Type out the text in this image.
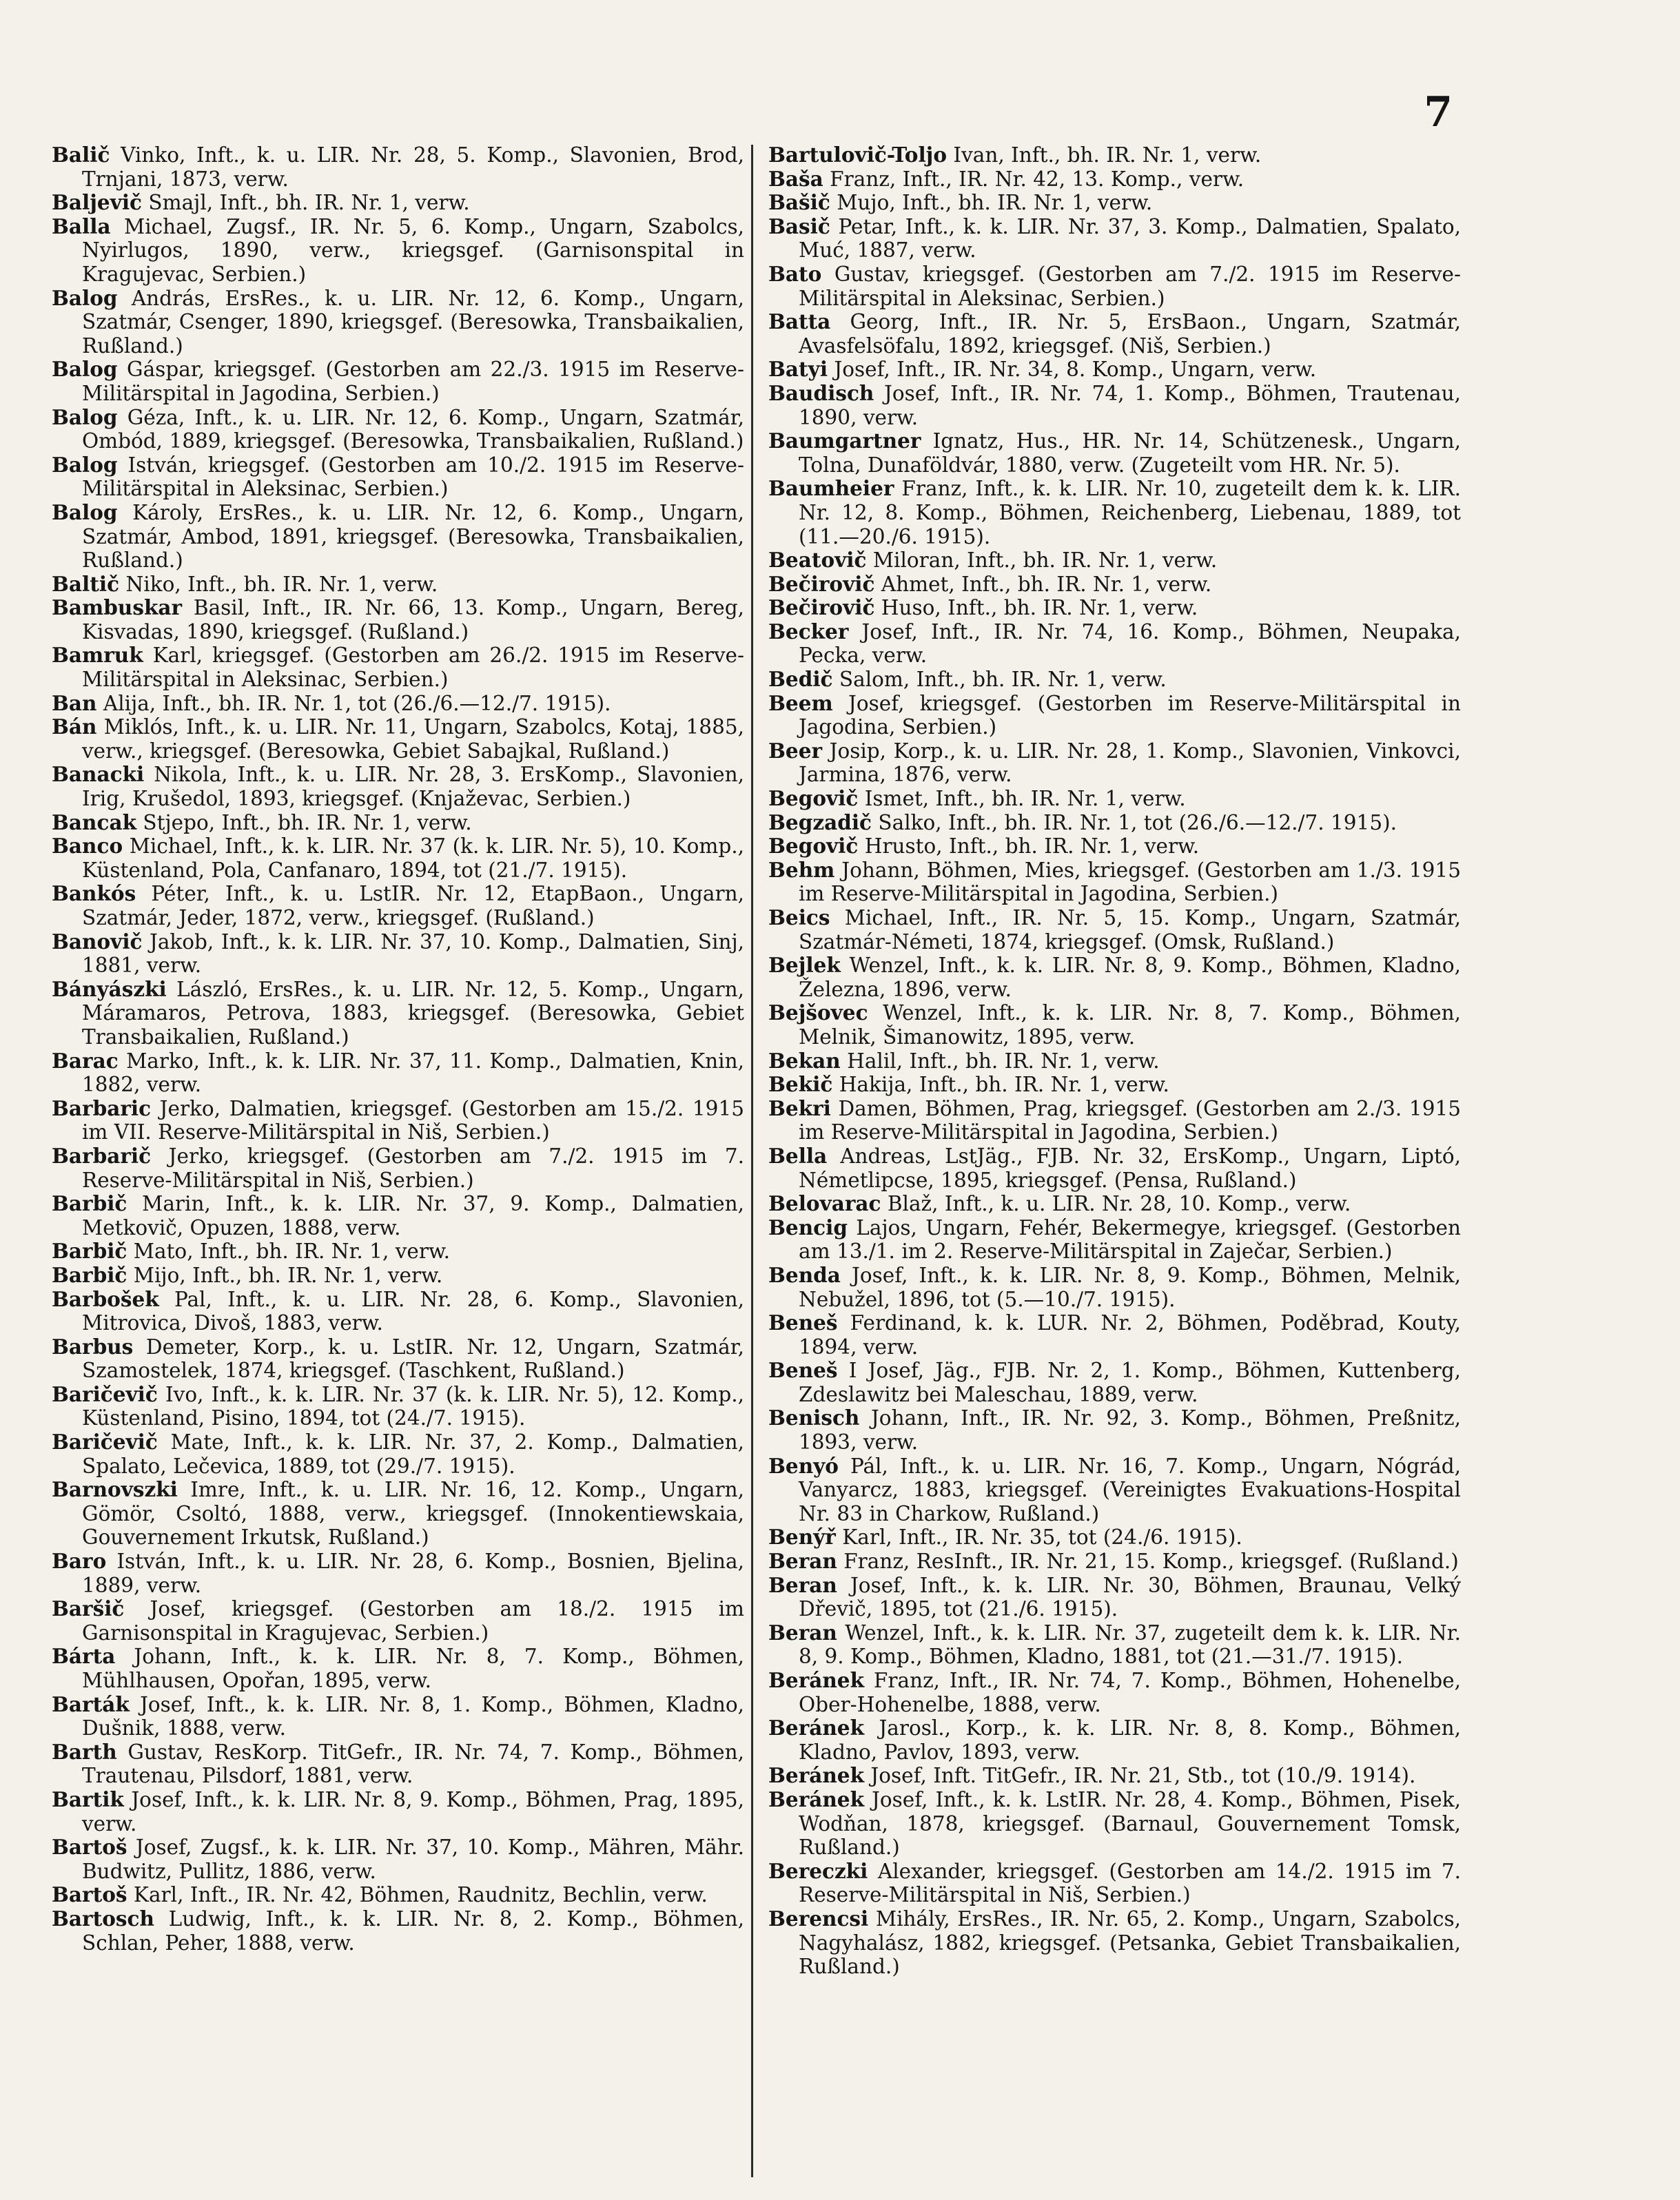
7

Balič Vinko, Inft., k. u. LIR. Nr. 28, 5. Komp., Slavonien, Brod, Trnjani, 1873, verw.

Baljevič Smajl, Inft., bh. IR. Nr. 1, verw.

Balla Michael, Zugsf., IR. Nr. 5, 6. Komp., Ungarn, Szabolcs, Nyirlugos, 1890, verw., kriegsgef. (Garnisonspital in Kragujevac, Serbien.)

Balog András, ErsRes., k. u. LIR. Nr. 12, 6. Komp., Ungarn, Szatmár, Csenger, 1890, kriegsgef. (Beresowka, Transbaikalien, Rußland.)

Balog Gáspar, kriegsgef. (Gestorben am 22./3. 1915 im Reserve-Militärspital in Jagodina, Serbien.)

Balog Géza, Inft., k. u. LIR. Nr. 12, 6. Komp., Ungarn, Szatmár, Ombód, 1889, kriegsgef. (Beresowka, Transbaikalien, Rußland.)

Balog István, kriegsgef. (Gestorben am 10./2. 1915 im Reserve-Militärspital in Aleksinac, Serbien.)

Balog Károly, ErsRes., k. u. LIR. Nr. 12, 6. Komp., Ungarn, Szatmár, Ambod, 1891, kriegsgef. (Beresowka, Transbaikalien, Rußland.)

Baltič Niko, Inft., bh. IR. Nr. 1, verw.

Bambuskar Basil, Inft., IR. Nr. 66, 13. Komp., Ungarn, Bereg, Kisvadas, 1890, kriegsgef. (Rußland.)

Bamruk Karl, kriegsgef. (Gestorben am 26./2. 1915 im Reserve-Militärspital in Aleksinac, Serbien.)

Ban Alija, Inft., bh. IR. Nr. 1, tot (26./6.—12./7. 1915).

Bán Miklós, Inft., k. u. LIR. Nr. 11, Ungarn, Szabolcs, Kotaj, 1885, verw., kriegsgef. (Beresowka, Gebiet Sabajkal, Rußland.)

Banacki Nikola, Inft., k. u. LIR. Nr. 28, 3. ErsKomp., Slavonien, Irig, Krušedol, 1893, kriegsgef. (Knjaževac, Serbien.)

Bancak Stjepo, Inft., bh. IR. Nr. 1, verw.

Banco Michael, Inft., k. k. LIR. Nr. 37 (k. k. LIR. Nr. 5), 10. Komp., Küstenland, Pola, Canfanaro, 1894, tot (21./7. 1915).

Bankós Péter, Inft., k. u. LstIR. Nr. 12, EtapBaon., Ungarn, Szatmár, Jeder, 1872, verw., kriegsgef. (Rußland.)

Banovič Jakob, Inft., k. k. LIR. Nr. 37, 10. Komp., Dalmatien, Sinj, 1881, verw.

Bányászki László, ErsRes., k. u. LIR. Nr. 12, 5. Komp., Ungarn, Máramaros, Petrova, 1883, kriegsgef. (Beresowka, Gebiet Transbaikalien, Rußland.)

Barac Marko, Inft., k. k. LIR. Nr. 37, 11. Komp., Dalmatien, Knin, 1882, verw.

Barbaric Jerko, Dalmatien, kriegsgef. (Gestorben am 15./2. 1915 im VII. Reserve-Militärspital in Niš, Serbien.)

Barbarič Jerko, kriegsgef. (Gestorben am 7./2. 1915 im 7. Reserve-Militärspital in Niš, Serbien.)

Barbič Marin, Inft., k. k. LIR. Nr. 37, 9. Komp., Dalmatien, Metkovič, Opuzen, 1888, verw.

Barbič Mato, Inft., bh. IR. Nr. 1, verw.

Barbič Mijo, Inft., bh. IR. Nr. 1, verw.

Barbošek Pal, Inft., k. u. LIR. Nr. 28, 6. Komp., Slavonien, Mitrovica, Divoš, 1883, verw.

Barbus Demeter, Korp., k. u. LstIR. Nr. 12, Ungarn, Szatmár, Szamostelek, 1874, kriegsgef. (Taschkent, Rußland.)

Baričevič Ivo, Inft., k. k. LIR. Nr. 37 (k. k. LIR. Nr. 5), 12. Komp., Küstenland, Pisino, 1894, tot (24./7. 1915).

Baričevič Mate, Inft., k. k. LIR. Nr. 37, 2. Komp., Dalmatien, Spalato, Lečevica, 1889, tot (29./7. 1915).

Barnovszki Imre, Inft., k. u. LIR. Nr. 16, 12. Komp., Ungarn, Gömör, Csoltó, 1888, verw., kriegsgef. (Innokentiewskaia, Gouvernement Irkutsk, Rußland.)

Baro István, Inft., k. u. LIR. Nr. 28, 6. Komp., Bosnien, Bjelina, 1889, verw.

Baršič Josef, kriegsgef. (Gestorben am 18./2. 1915 im Garnisonspital in Kragujevac, Serbien.)

Bárta Johann, Inft., k. k. LIR. Nr. 8, 7. Komp., Böhmen, Mühlhausen, Opořan, 1895, verw.

Barták Josef, Inft., k. k. LIR. Nr. 8, 1. Komp., Böhmen, Kladno, Dušnik, 1888, verw.

Barth Gustav, ResKorp. TitGefr., IR. Nr. 74, 7. Komp., Böhmen, Trautenau, Pilsdorf, 1881, verw.

Bartik Josef, Inft., k. k. LIR. Nr. 8, 9. Komp., Böhmen, Prag, 1895, verw.

Bartoš Josef, Zugsf., k. k. LIR. Nr. 37, 10. Komp., Mähren, Mähr. Budwitz, Pullitz, 1886, verw.

Bartoš Karl, Inft., IR. Nr. 42, Böhmen, Raudnitz, Bechlin, verw.

Bartosch Ludwig, Inft., k. k. LIR. Nr. 8, 2. Komp., Böhmen, Schlan, Peher, 1888, verw.

Bartulovič-Toljo Ivan, Inft., bh. IR. Nr. 1, verw.

Baša Franz, Inft., IR. Nr. 42, 13. Komp., verw.

Bašič Mujo, Inft., bh. IR. Nr. 1, verw.

Basič Petar, Inft., k. k. LIR. Nr. 37, 3. Komp., Dalmatien, Spalato, Muć, 1887, verw.

Bato Gustav, kriegsgef. (Gestorben am 7./2. 1915 im Reserve-Militärspital in Aleksinac, Serbien.)

Batta Georg, Inft., IR. Nr. 5, ErsBaon., Ungarn, Szatmár, Avasfelsöfalu, 1892, kriegsgef. (Niš, Serbien.)

Batyi Josef, Inft., IR. Nr. 34, 8. Komp., Ungarn, verw.

Baudisch Josef, Inft., IR. Nr. 74, 1. Komp., Böhmen, Trautenau, 1890, verw.

Baumgartner Ignatz, Hus., HR. Nr. 14, Schützenesk., Ungarn, Tolna, Dunaföldvár, 1880, verw. (Zugeteilt vom HR. Nr. 5).

Baumheier Franz, Inft., k. k. LIR. Nr. 10, zugeteilt dem k. k. LIR. Nr. 12, 8. Komp., Böhmen, Reichenberg, Liebenau, 1889, tot (11.—20./6. 1915).

Beatovič Miloran, Inft., bh. IR. Nr. 1, verw.

Bečirovič Ahmet, Inft., bh. IR. Nr. 1, verw.

Bečirovič Huso, Inft., bh. IR. Nr. 1, verw.

Becker Josef, Inft., IR. Nr. 74, 16. Komp., Böhmen, Neupaka, Pecka, verw.

Bedič Salom, Inft., bh. IR. Nr. 1, verw.

Beem Josef, kriegsgef. (Gestorben im Reserve-Militärspital in Jagodina, Serbien.)

Beer Josip, Korp., k. u. LIR. Nr. 28, 1. Komp., Slavonien, Vinkovci, Jarmina, 1876, verw.

Begovič Ismet, Inft., bh. IR. Nr. 1, verw.

Begzadič Salko, Inft., bh. IR. Nr. 1, tot (26./6.—12./7. 1915).

Begovič Hrusto, Inft., bh. IR. Nr. 1, verw.

Behm Johann, Böhmen, Mies, kriegsgef. (Gestorben am 1./3. 1915 im Reserve-Militärspital in Jagodina, Serbien.)

Beics Michael, Inft., IR. Nr. 5, 15. Komp., Ungarn, Szatmár, Szatmár-Németi, 1874, kriegsgef. (Omsk, Rußland.)

Bejlek Wenzel, Inft., k. k. LIR. Nr. 8, 9. Komp., Böhmen, Kladno, Železna, 1896, verw.

Bejšovec Wenzel, Inft., k. k. LIR. Nr. 8, 7. Komp., Böhmen, Melnik, Šimanowitz, 1895, verw.

Bekan Halil, Inft., bh. IR. Nr. 1, verw.

Bekič Hakija, Inft., bh. IR. Nr. 1, verw.

Bekri Damen, Böhmen, Prag, kriegsgef. (Gestorben am 2./3. 1915 im Reserve-Militärspital in Jagodina, Serbien.)

Bella Andreas, LstJäg., FJB. Nr. 32, ErsKomp., Ungarn, Liptó, Németlipcse, 1895, kriegsgef. (Pensa, Rußland.)

Belovarac Blaž, Inft., k. u. LIR. Nr. 28, 10. Komp., verw.

Bencig Lajos, Ungarn, Fehér, Bekermegye, kriegsgef. (Gestorben am 13./1. im 2. Reserve-Militärspital in Zaječar, Serbien.)

Benda Josef, Inft., k. k. LIR. Nr. 8, 9. Komp., Böhmen, Melnik, Nebužel, 1896, tot (5.—10./7. 1915).

Beneš Ferdinand, k. k. LUR. Nr. 2, Böhmen, Poděbrad, Kouty, 1894, verw.

Beneš I Josef, Jäg., FJB. Nr. 2, 1. Komp., Böhmen, Kuttenberg, Zdeslawitz bei Maleschau, 1889, verw.

Benisch Johann, Inft., IR. Nr. 92, 3. Komp., Böhmen, Preßnitz, 1893, verw.

Benyó Pál, Inft., k. u. LIR. Nr. 16, 7. Komp., Ungarn, Nógrád, Vanyarcz, 1883, kriegsgef. (Vereinigtes Evakuations-Hospital Nr. 83 in Charkow, Rußland.)

Benýř Karl, Inft., IR. Nr. 35, tot (24./6. 1915).

Beran Franz, ResInft., IR. Nr. 21, 15. Komp., kriegsgef. (Rußland.)

Beran Josef, Inft., k. k. LIR. Nr. 30, Böhmen, Braunau, Velký Dřevič, 1895, tot (21./6. 1915).

Beran Wenzel, Inft., k. k. LIR. Nr. 37, zugeteilt dem k. k. LIR. Nr. 8, 9. Komp., Böhmen, Kladno, 1881, tot (21.—31./7. 1915).

Beránek Franz, Inft., IR. Nr. 74, 7. Komp., Böhmen, Hohenelbe, Ober-Hohenelbe, 1888, verw.

Beránek Jarosl., Korp., k. k. LIR. Nr. 8, 8. Komp., Böhmen, Kladno, Pavlov, 1893, verw.

Beránek Josef, Inft. TitGefr., IR. Nr. 21, Stb., tot (10./9. 1914).

Beránek Josef, Inft., k. k. LstIR. Nr. 28, 4. Komp., Böhmen, Pisek, Wodňan, 1878, kriegsgef. (Barnaul, Gouvernement Tomsk, Rußland.)

Bereczki Alexander, kriegsgef. (Gestorben am 14./2. 1915 im 7. Reserve-Militärspital in Niš, Serbien.)

Berencsi Mihály, ErsRes., IR. Nr. 65, 2. Komp., Ungarn, Szabolcs, Nagyhalász, 1882, kriegsgef. (Petsanka, Gebiet Transbaikalien, Rußland.)
